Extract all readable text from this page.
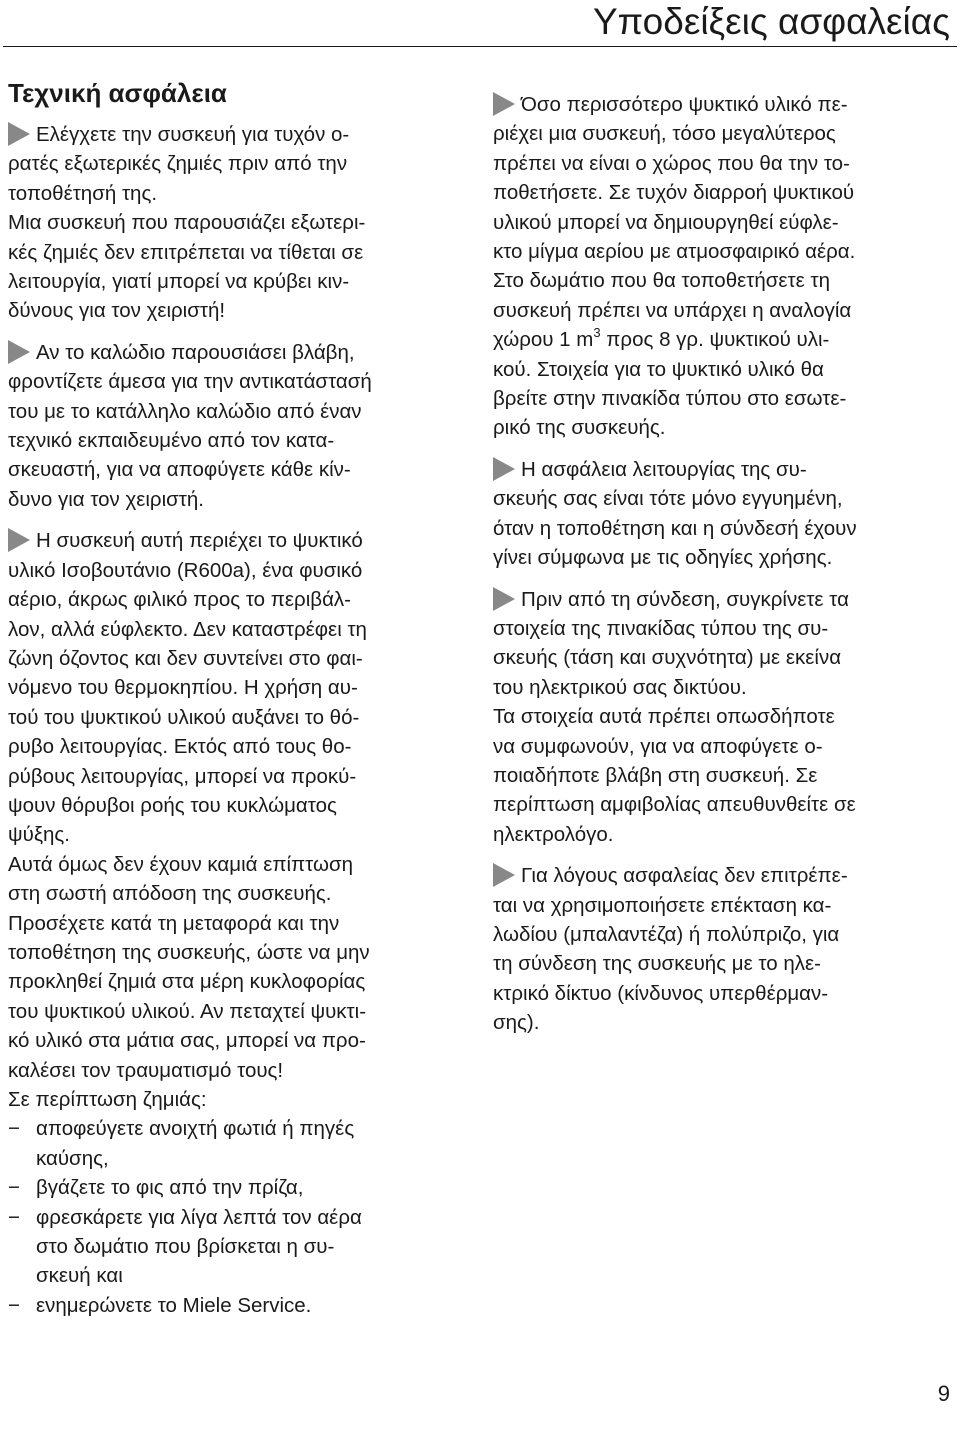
Υποδείξεις ασφαλείας
Τεχνική ασφάλεια
Ελέγχετε την συσκευή για τυχόν ο-
ρατές εξωτερικές ζημιές πριν από την
τοποθέτησή της.
Μια συσκευή που παρουσιάζει εξωτερι-
κές ζημιές δεν επιτρέπεται να τίθεται σε
λειτουργία, γιατί μπορεί να κρύβει κιν-
δύνους για τον χειριστή!
Αν το καλώδιο παρουσιάσει βλάβη,
φροντίζετε άμεσα για την αντικατάστασή
του με το κατάλληλο καλώδιο από έναν
τεχνικό εκπαιδευμένο από τον κατα-
σκευαστή, για να αποφύγετε κάθε κίν-
δυνο για τον χειριστή.
Η συσκευή αυτή περιέχει το ψυκτικό
υλικό Ισοβουτάνιο (R600a), ένα φυσικό
αέριο, άκρως φιλικό προς το περιβάλ-
λον, αλλά εύφλεκτο. Δεν καταστρέφει τη
ζώνη όζοντος και δεν συντείνει στο φαι-
νόμενο του θερμοκηπίου. Η χρήση αυ-
τού του ψυκτικού υλικού αυξάνει το θό-
ρυβο λειτουργίας. Εκτός από τους θο-
ρύβους λειτουργίας, μπορεί να προκύ-
ψουν θόρυβοι ροής του κυκλώματος
ψύξης.
Αυτά όμως δεν έχουν καμιά επίπτωση
στη σωστή απόδοση της συσκευής.
Προσέχετε κατά τη μεταφορά και την
τοποθέτηση της συσκευής, ώστε να μην
προκληθεί ζημιά στα μέρη κυκλοφορίας
του ψυκτικού υλικού. Αν πεταχτεί ψυκτι-
κό υλικό στα μάτια σας, μπορεί να προ-
καλέσει τον τραυματισμό τους!
Σε περίπτωση ζημιάς:
− αποφεύγετε ανοιχτή φωτιά ή πηγές
καύσης,
− βγάζετε το φις από την πρίζα,
− φρεσκάρετε για λίγα λεπτά τον αέρα
στο δωμάτιο που βρίσκεται η συ-
σκευή και
− ενημερώνετε το Miele Service.
Όσο περισσότερο ψυκτικό υλικό πε-
ριέχει μια συσκευή, τόσο μεγαλύτερος
πρέπει να είναι ο χώρος που θα την το-
ποθετήσετε. Σε τυχόν διαρροή ψυκτικού
υλικού μπορεί να δημιουργηθεί εύφλε-
κτο μίγμα αερίου με ατμοσφαιρικό αέρα.
Στο δωμάτιο που θα τοποθετήσετε τη
συσκευή πρέπει να υπάρχει η αναλογία
χώρου 1 $m^3$ προς 8 γρ. ψυκτικού υλι-
κού. Στοιχεία για το ψυκτικό υλικό θα
βρείτε στην πινακίδα τύπου στο εσωτε-
ρικό της συσκευής.
Η ασφάλεια λειτουργίας της συ-
σκευής σας είναι τότε μόνο εγγυημένη,
όταν η τοποθέτηση και η σύνδεσή έχουν
γίνει σύμφωνα με τις οδηγίες χρήσης.
Πριν από τη σύνδεση, συγκρίνετε τα
στοιχεία της πινακίδας τύπου της συ-
σκευής (τάση και συχνότητα) με εκείνα
του ηλεκτρικού σας δικτύου.
Τα στοιχεία αυτά πρέπει οπωσδήποτε
να συμφωνούν, για να αποφύγετε ο-
ποιαδήποτε βλάβη στη συσκευή. Σε
περίπτωση αμφιβολίας απευθυνθείτε σε
ηλεκτρολόγο.
Για λόγους ασφαλείας δεν επιτρέπε-
ται να χρησιμοποιήσετε επέκταση κα-
λωδίου (μπαλαντέζα) ή πολύπριζο, για
τη σύνδεση της συσκευής με το ηλε-
κτρικό δίκτυο (κίνδυνος υπερθέρμαν-
σης).
9
